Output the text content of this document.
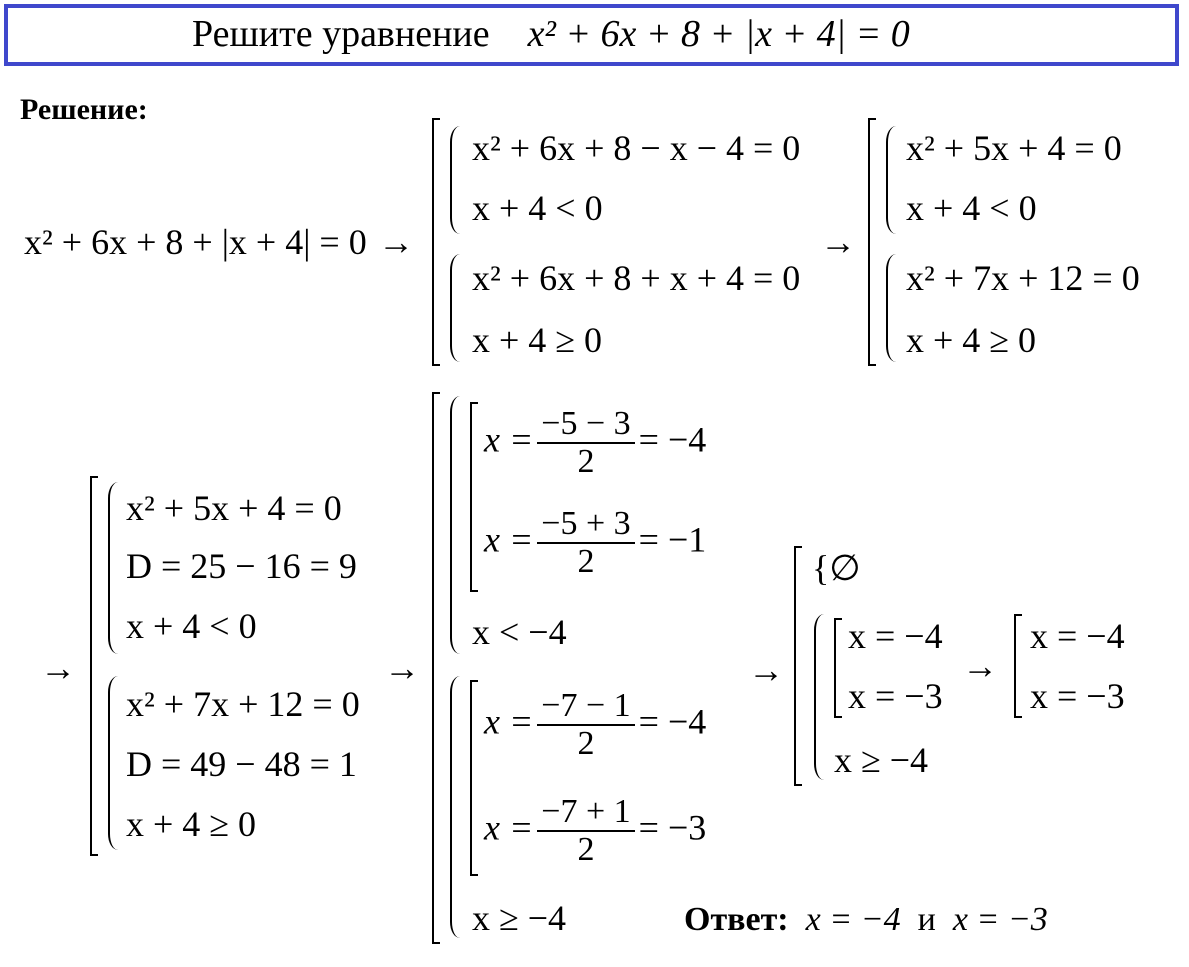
Решите уравнение x² + 6x + 8 + |x + 4| = 0
Решение:
x² + 6x + 8 + |x + 4| = 0 →
x² + 6x + 8 − x − 4 = 0
x + 4 < 0
x² + 6x + 8 + x + 4 = 0
x + 4 ≥ 0
→
x² + 5x + 4 = 0
x + 4 < 0
x² + 7x + 12 = 0
x + 4 ≥ 0
→
x² + 5x + 4 = 0
D = 25 − 16 = 9
x + 4 < 0
x² + 7x + 12 = 0
D = 49 − 48 = 1
x + 4 ≥ 0
→
$x = \frac{-5 - 3}{2} = -4$
$x = \frac{-5 + 3}{2} = -1$
x < −4
$x = \frac{-7 - 1}{2} = -4$
$x = \frac{-7 + 1}{2} = -3$
x ≥ −4
→
{∅
x = −4
x = −3
x ≥ −4
→
x = −4
x = −3
Ответ: x = −4 и x = −3
